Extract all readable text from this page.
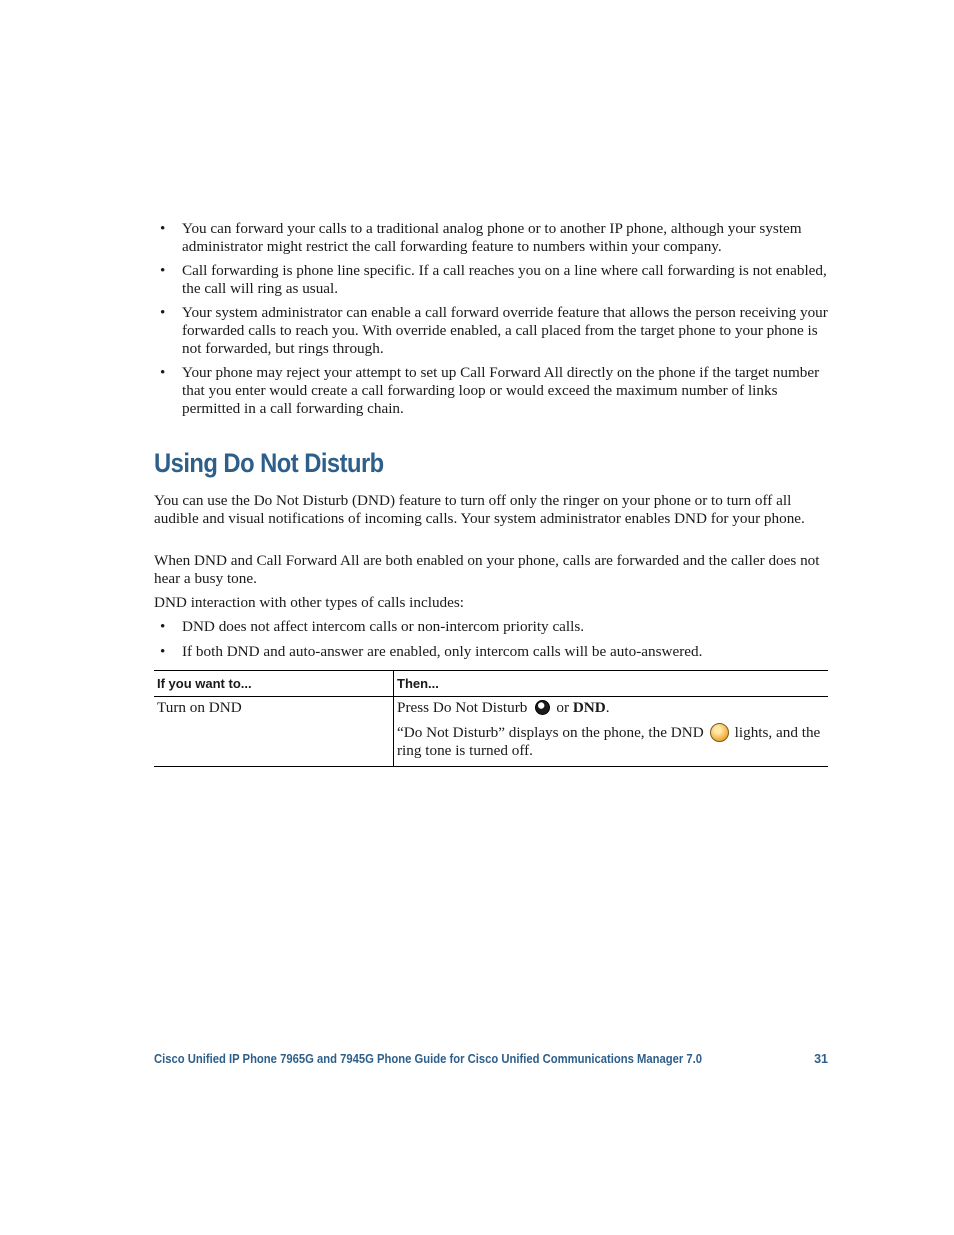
• You can forward your calls to a traditional analog phone or to another IP phone, although your system administrator might restrict the call forwarding feature to numbers within your company.
• Call forwarding is phone line specific. If a call reaches you on a line where call forwarding is not enabled, the call will ring as usual.
• Your system administrator can enable a call forward override feature that allows the person receiving your forwarded calls to reach you. With override enabled, a call placed from the target phone to your phone is not forwarded, but rings through.
• Your phone may reject your attempt to set up Call Forward All directly on the phone if the target number that you enter would create a call forwarding loop or would exceed the maximum number of links permitted in a call forwarding chain.
Using Do Not Disturb

You can use the Do Not Disturb (DND) feature to turn off only the ringer on your phone or to turn off all audible and visual notifications of incoming calls. Your system administrator enables DND for your phone.

When DND and Call Forward All are both enabled on your phone, calls are forwarded and the caller does not hear a busy tone.

DND interaction with other types of calls includes:

• DND does not affect intercom calls or non-intercom priority calls.
• If both DND and auto-answer are enabled, only intercom calls will be auto-answered.
If you want to...	Then...
Turn on DND	Press Do Not Disturb or DND.

“Do Not Disturb” displays on the phone, the DND lights, and the ring tone is turned off.

Cisco Unified IP Phone 7965G and 7945G Phone Guide for Cisco Unified Communications Manager 7.0	31
